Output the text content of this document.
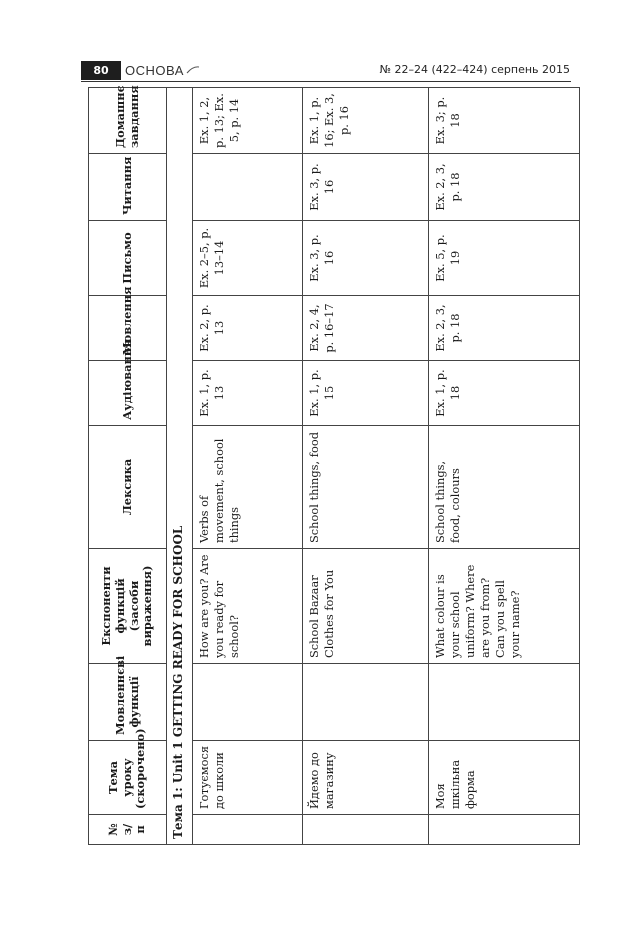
80	ОСНОВА	№ 22–24 (422–424) серпень 2015
№ з/п	Тема уроку (скорочено)	Мовленнєві функції	Експоненти функцій (засоби вираження)	Лексика	Аудіювання	Мовлення	Письмо	Читання	Домашнє завдання
Тема 1: Unit 1 GETTING READY FOR SCHOOL									
	Готуємося до школи		How are you? Are you ready for school?	Verbs of movement, school things	Ex. 1, p. 13	Ex. 2, p. 13	Ex. 2–5, p. 13–14		Ex. 1, 2, p. 13; Ex. 5, p. 14
	Йдемо до магазину		School Bazaar Clothes for You	School things, food	Ex. 1, p. 15	Ex. 2, 4, p. 16–17	Ex. 3, p. 16	Ex. 3, p. 16	Ex. 1, p. 16; Ex. 3, p. 16
	Моя шкільна форма		What colour is your school uniform? Where are you from? Can you spell your name?	School things, food, colours	Ex. 1, p. 18	Ex. 2, 3, p. 18	Ex. 5, p. 19	Ex. 2, 3, p. 18	Ex. 3; p. 18
